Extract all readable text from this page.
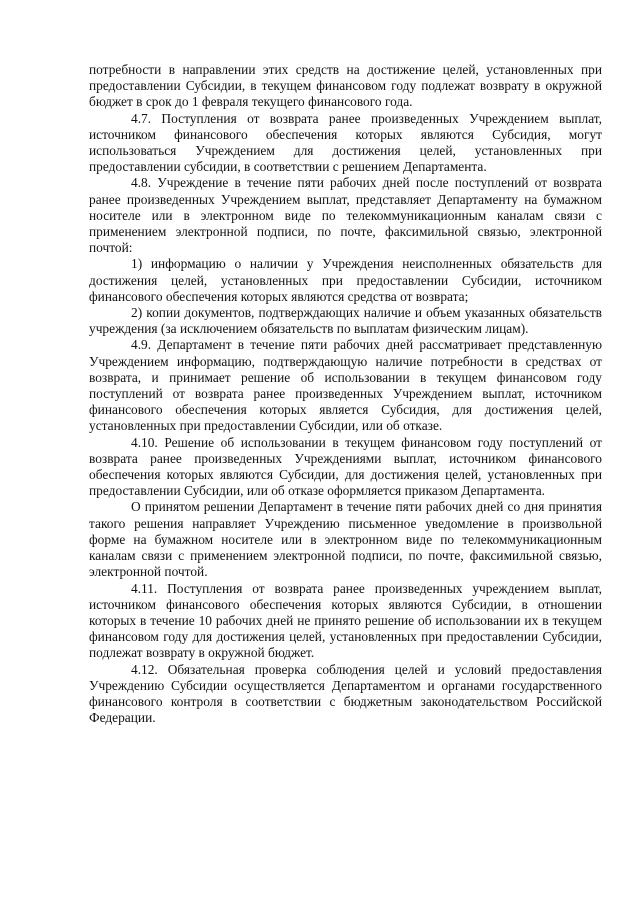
потребности в направлении этих средств на достижение целей, установленных при предоставлении Субсидии, в текущем финансовом году подлежат возврату в окружной бюджет в срок до 1 февраля текущего финансового года.

4.7. Поступления от возврата ранее произведенных Учреждением выплат, источником финансового обеспечения которых являются Субсидия, могут использоваться Учреждением для достижения целей, установленных при предоставлении субсидии, в соответствии с решением Департамента.

4.8. Учреждение в течение пяти рабочих дней после поступлений от возврата ранее произведенных Учреждением выплат, представляет Департаменту на бумажном носителе или в электронном виде по телекоммуникационным каналам связи с применением электронной подписи, по почте, факсимильной связью, электронной почтой:

1) информацию о наличии у Учреждения неисполненных обязательств для достижения целей, установленных при предоставлении Субсидии, источником финансового обеспечения которых являются средства от возврата;

2) копии документов, подтверждающих наличие и объем указанных обязательств учреждения (за исключением обязательств по выплатам физическим лицам).

4.9. Департамент в течение пяти рабочих дней рассматривает представленную Учреждением информацию, подтверждающую наличие потребности в средствах от возврата, и принимает решение об использовании в текущем финансовом году поступлений от возврата ранее произведенных Учреждением выплат, источником финансового обеспечения которых является Субсидия, для достижения целей, установленных при предоставлении Субсидии, или об отказе.

4.10. Решение об использовании в текущем финансовом году поступлений от возврата ранее произведенных Учреждениями выплат, источником финансового обеспечения которых являются Субсидии, для достижения целей, установленных при предоставлении Субсидии, или об отказе оформляется приказом Департамента.

О принятом решении Департамент в течение пяти рабочих дней со дня принятия такого решения направляет Учреждению письменное уведомление в произвольной форме на бумажном носителе или в электронном виде по телекоммуникационным каналам связи с применением электронной подписи, по почте, факсимильной связью, электронной почтой.

4.11. Поступления от возврата ранее произведенных учреждением выплат, источником финансового обеспечения которых являются Субсидии, в отношении которых в течение 10 рабочих дней не принято решение об использовании их в текущем финансовом году для достижения целей, установленных при предоставлении Субсидии, подлежат возврату в окружной бюджет.

4.12. Обязательная проверка соблюдения целей и условий предоставления Учреждению Субсидии осуществляется Департаментом и органами государственного финансового контроля в соответствии с бюджетным законодательством Российской Федерации.
